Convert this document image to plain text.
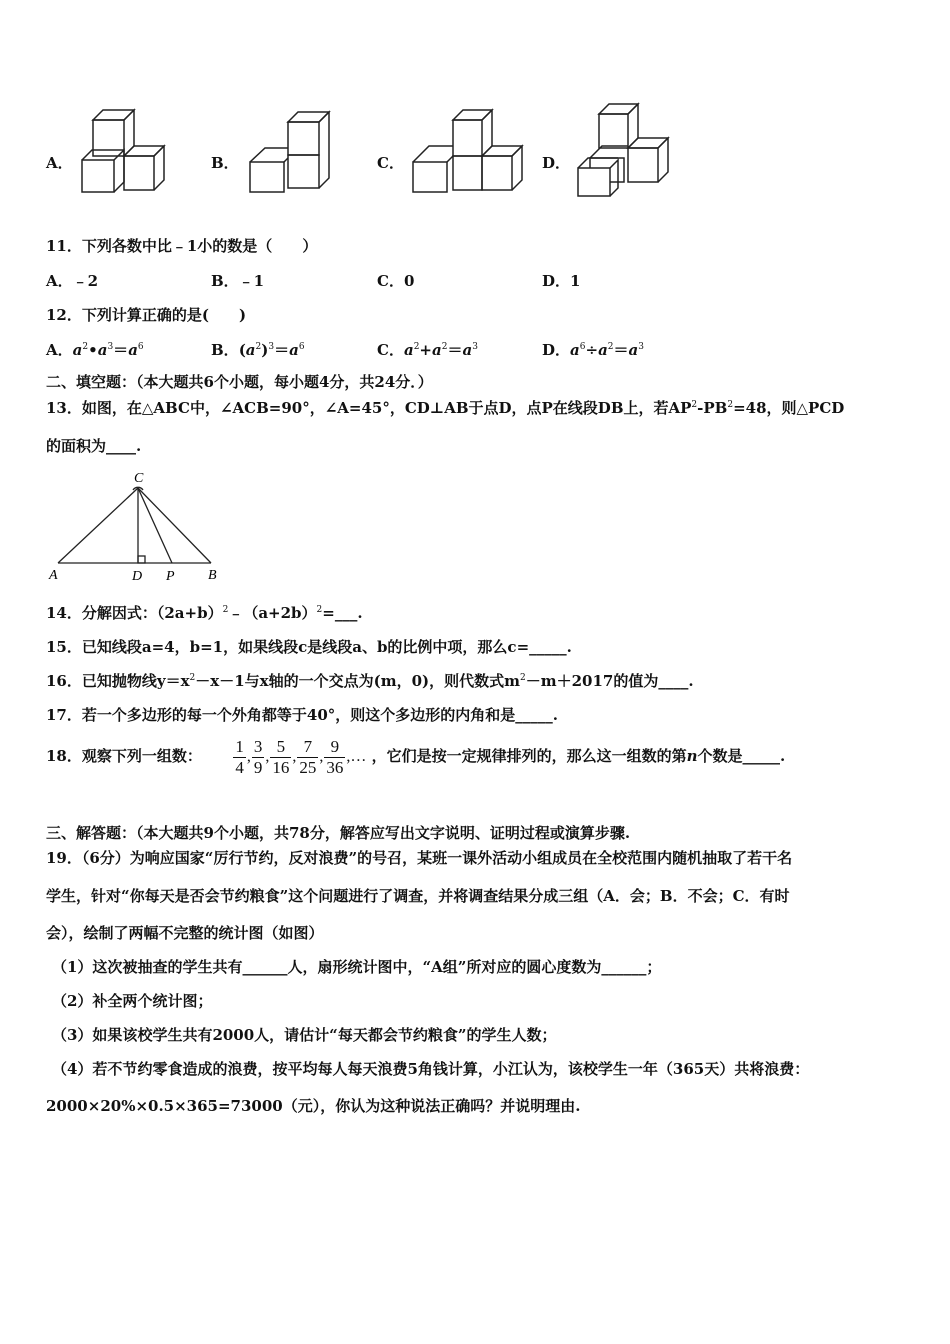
A．	B．	C．	D．
11．下列各数中比﹣1小的数是（　　）
A．﹣2	B．﹣1	C．0	D．1
12．下列计算正确的是(　　)
A．$a^2•a^3=a^6$	B．$(a^2)^3=a^6$	C．$a^2+a^2=a^3$	D．$a^6\div a^2=a^3$
二、填空题：（本大题共6个小题，每小题4分，共24分．）
13．如图，在△ABC中，∠ACB=90°，∠A=45°，CD⊥AB于点D，点P在线段DB上，若$AP^2-PB^2=48$，则△PCD
的面积为____.
C
A	D P B
14．分解因式：$(2a+b)^2﹣(a+2b)^2=\_\_\_$.
15．已知线段a=4，b=1，如果线段c是线段a、b的比例中项，那么c=_____.
16．已知抛物线$y=x^2-x-1$与x轴的一个交点为(m，0)，则代数式$m^2-m+2017$的值为____.
17．若一个多边形的每一个外角都等于40°，则这个多边形的内角和是_____.
18．观察下列一组数： $\frac{1}{4}$ , $\frac{3}{9}$ , $\frac{5}{16}$ , $\frac{7}{25}$ , $\frac{9}{36}$ ,… ，它们是按一定规律排列的，那么这一组数的第n个数是_____.
三、解答题：（本大题共9个小题，共78分，解答应写出文字说明、证明过程或演算步骤.
19．（6分）为响应国家“厉行节约，反对浪费”的号召，某班一课外活动小组成员在全校范围内随机抽取了若干名
学生，针对“你每天是否会节约粮食”这个问题进行了调查，并将调查结果分成三组（A．会；B．不会；C．有时
会），绘制了两幅不完整的统计图（如图）
（1）这次被抽查的学生共有______人，扇形统计图中，“A组”所对应的圆心度数为______；
（2）补全两个统计图；
（3）如果该校学生共有2000人，请估计“每天都会节约粮食”的学生人数；
（4）若不节约零食造成的浪费，按平均每人每天浪费5角钱计算，小江认为，该校学生一年（365天）共将浪费：
2000×20%×0.5×365=73000（元），你认为这种说法正确吗？并说明理由.
